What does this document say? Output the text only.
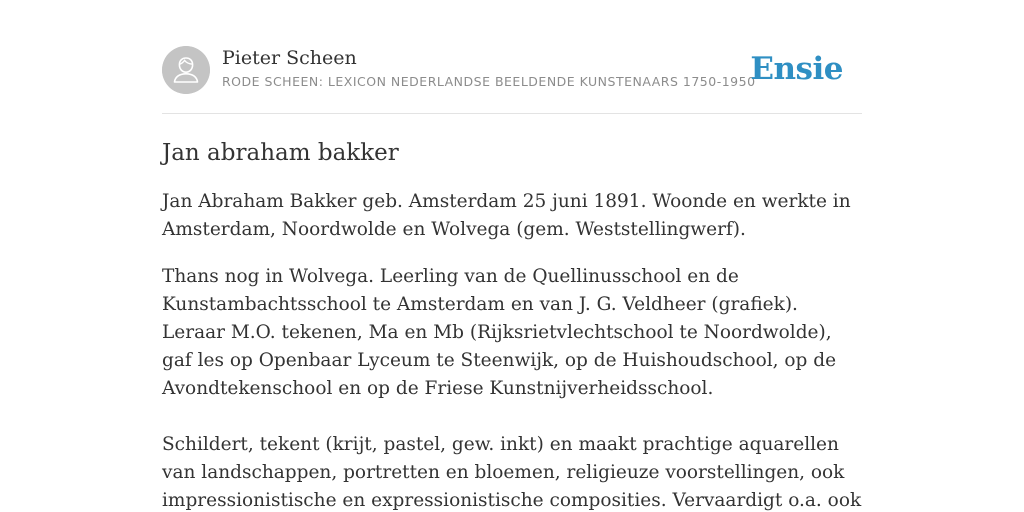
Pieter Scheen
RODE SCHEEN: LEXICON NEDERLANDSE BEELDENDE KUNSTENAARS 1750-1950
Ensie
Jan abraham bakker

Jan Abraham Bakker geb. Amsterdam 25 juni 1891. Woonde en werkte in Amsterdam, Noordwolde en Wolvega (gem. Weststellingwerf).

Thans nog in Wolvega. Leerling van de Quellinusschool en de Kunstambachtsschool te Amsterdam en van J. G. Veldheer (grafiek). Leraar M.O. tekenen, Ma en Mb (Rijksrietvlechtschool te Noordwolde), gaf les op Openbaar Lyceum te Steenwijk, op de Huishoudschool, op de Avondtekenschool en op de Friese Kunstnijverheidsschool.

Schildert, tekent (krijt, pastel, gew. inkt) en maakt prachtige aquarellen van landschappen, portretten en bloemen, religieuze voorstellingen, ook impressionistische en expressionistische composities. Vervaardigt o.a. ook
